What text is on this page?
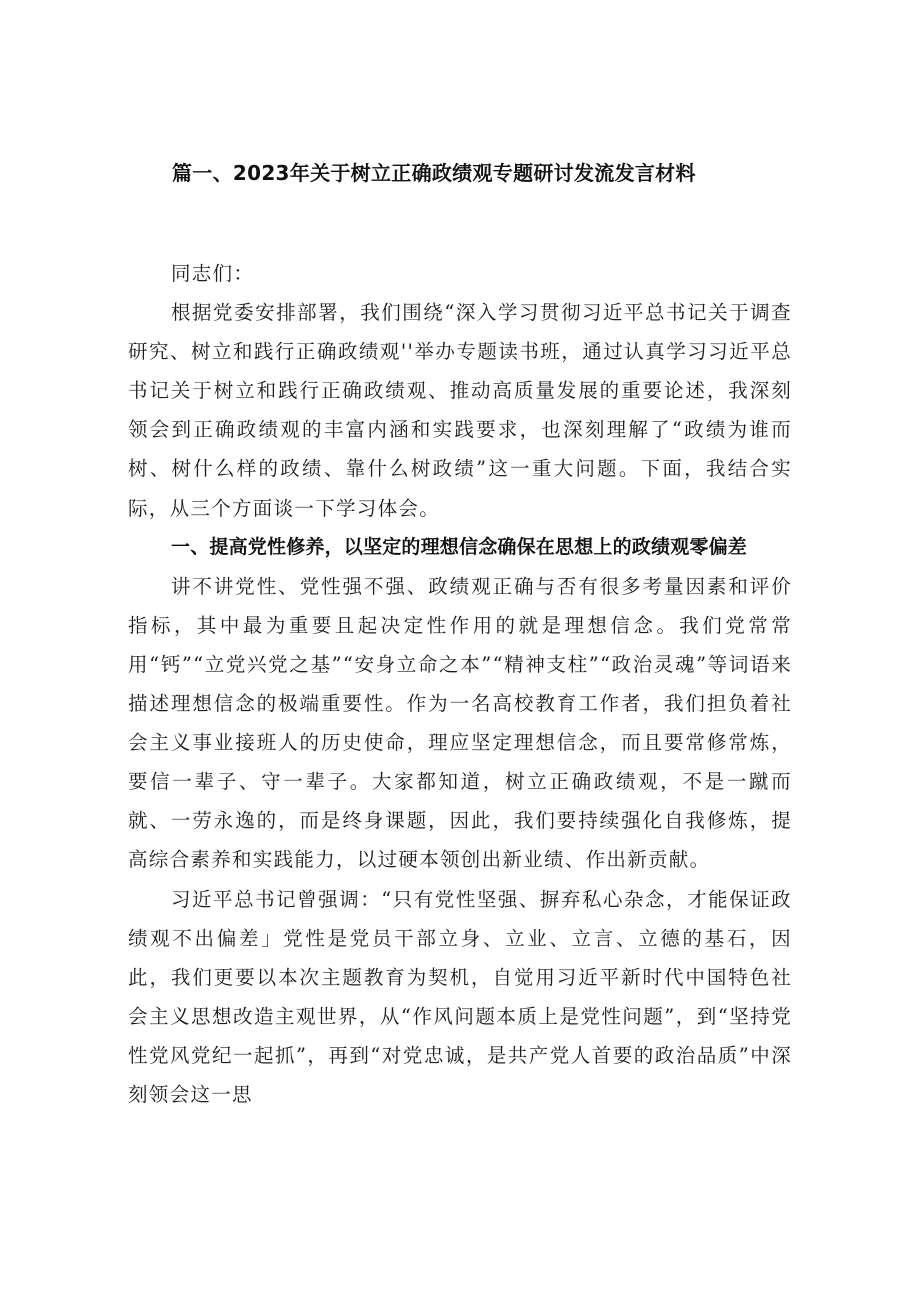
篇一、2023年关于树立正确政绩观专题研讨发流发言材料

同志们：

根据党委安排部署，我们围绕“深入学习贯彻习近平总书记关于调查研究、树立和践行正确政绩观''举办专题读书班，通过认真学习习近平总书记关于树立和践行正确政绩观、推动高质量发展的重要论述，我深刻领会到正确政绩观的丰富内涵和实践要求，也深刻理解了“政绩为谁而树、树什么样的政绩、靠什么树政绩”这一重大问题。下面，我结合实际，从三个方面谈一下学习体会。

一、提高党性修养，以坚定的理想信念确保在思想上的政绩观零偏差

讲不讲党性、党性强不强、政绩观正确与否有很多考量因素和评价指标，其中最为重要且起决定性作用的就是理想信念。我们党常常用“钙”“立党兴党之基”“安身立命之本”“精神支柱”“政治灵魂”等词语来描述理想信念的极端重要性。作为一名高校教育工作者，我们担负着社会主义事业接班人的历史使命，理应坚定理想信念，而且要常修常炼，要信一辈子、守一辈子。大家都知道，树立正确政绩观，不是一蹴而就、一劳永逸的，而是终身课题，因此，我们要持续强化自我修炼，提高综合素养和实践能力，以过硬本领创出新业绩、作出新贡献。

习近平总书记曾强调：“只有党性坚强、摒弃私心杂念，才能保证政绩观不出偏差」党性是党员干部立身、立业、立言、立德的基石，因此，我们更要以本次主题教育为契机，自觉用习近平新时代中国特色社会主义思想改造主观世界，从“作风问题本质上是党性问题”，到“坚持党性党风党纪一起抓”，再到“对党忠诚，是共产党人首要的政治品质”中深刻领会这一思
